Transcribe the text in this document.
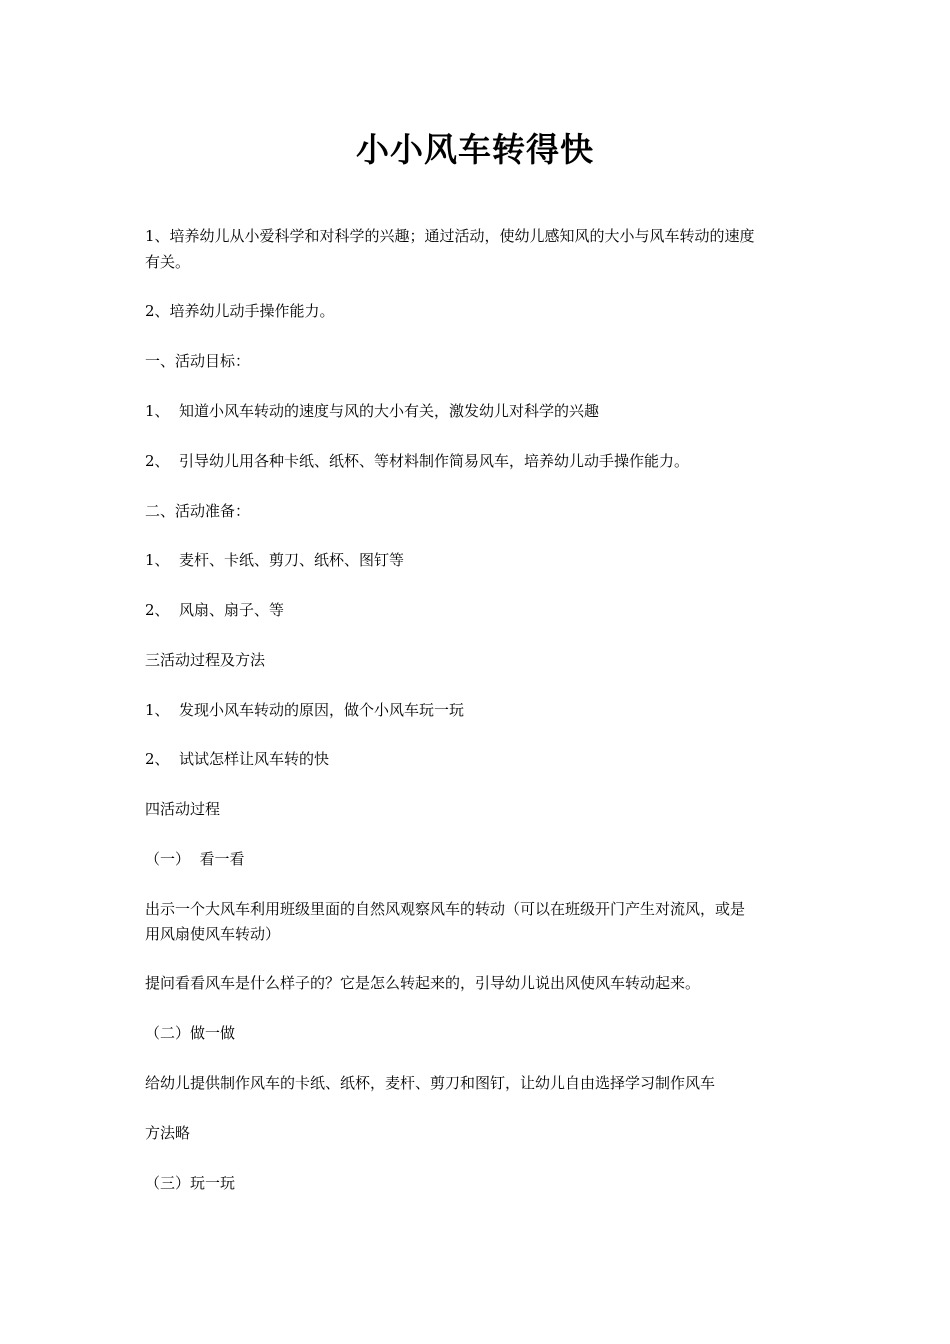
小小风车转得快
1、培养幼儿从小爱科学和对科学的兴趣；通过活动，使幼儿感知风的大小与风车转动的速度
有关。
2、培养幼儿动手操作能力。
一、活动目标：
1、 知道小风车转动的速度与风的大小有关，激发幼儿对科学的兴趣
2、 引导幼儿用各种卡纸、纸杯、等材料制作简易风车，培养幼儿动手操作能力。
二、活动准备：
1、 麦杆、卡纸、剪刀、纸杯、图钉等
2、 风扇、扇子、等
三活动过程及方法
1、 发现小风车转动的原因，做个小风车玩一玩
2、 试试怎样让风车转的快
四活动过程
（一）  看一看
出示一个大风车利用班级里面的自然风观察风车的转动（可以在班级开门产生对流风，或是
用风扇使风车转动）
提问看看风车是什么样子的？它是怎么转起来的，引导幼儿说出风使风车转动起来。
（二）做一做
给幼儿提供制作风车的卡纸、纸杯，麦杆、剪刀和图钉，让幼儿自由选择学习制作风车
方法略
（三）玩一玩
